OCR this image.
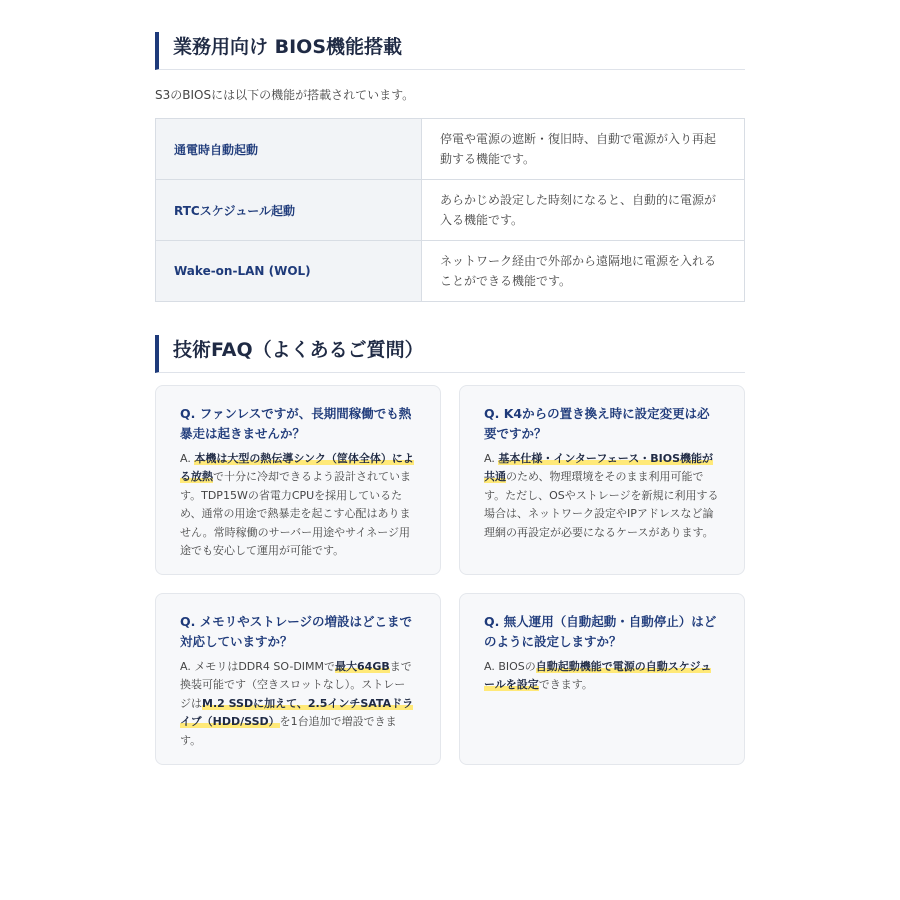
業務用向け BIOS機能搭載

S3のBIOSには以下の機能が搭載されています。

通電時自動起動	停電や電源の遮断・復旧時、自動で電源が入り再起動する機能です。
RTCスケジュール起動	あらかじめ設定した時刻になると、自動的に電源が入る機能です。
Wake-on-LAN (WOL)	ネットワーク経由で外部から遠隔地に電源を入れることができる機能です。
技術FAQ（よくあるご質問）
Q. ファンレスですが、長期間稼働でも熱暴走は起きませんか？
A. 本機は大型の熱伝導シンク（筐体全体）による放熱で十分に冷却できるよう設計されています。TDP15Wの省電力CPUを採用しているため、通常の用途で熱暴走を起こす心配はありません。常時稼働のサーバー用途やサイネージ用途でも安心して運用が可能です。
Q. K4からの置き換え時に設定変更は必要ですか？
A. 基本仕様・インターフェース・BIOS機能が共通のため、物理環境をそのまま利用可能です。ただし、OSやストレージを新規に利用する場合は、ネットワーク設定やIPアドレスなど論理網の再設定が必要になるケースがあります。
Q. メモリやストレージの増設はどこまで対応していますか？
A. メモリはDDR4 SO-DIMMで最大64GBまで換装可能です（空きスロットなし）。ストレージはM.2 SSDに加えて、2.5インチSATAドライブ（HDD/SSD）を1台追加で増設できます。
Q. 無人運用（自動起動・自動停止）はどのように設定しますか？
A. BIOSの自動起動機能で電源の自動スケジュールを設定できます。
